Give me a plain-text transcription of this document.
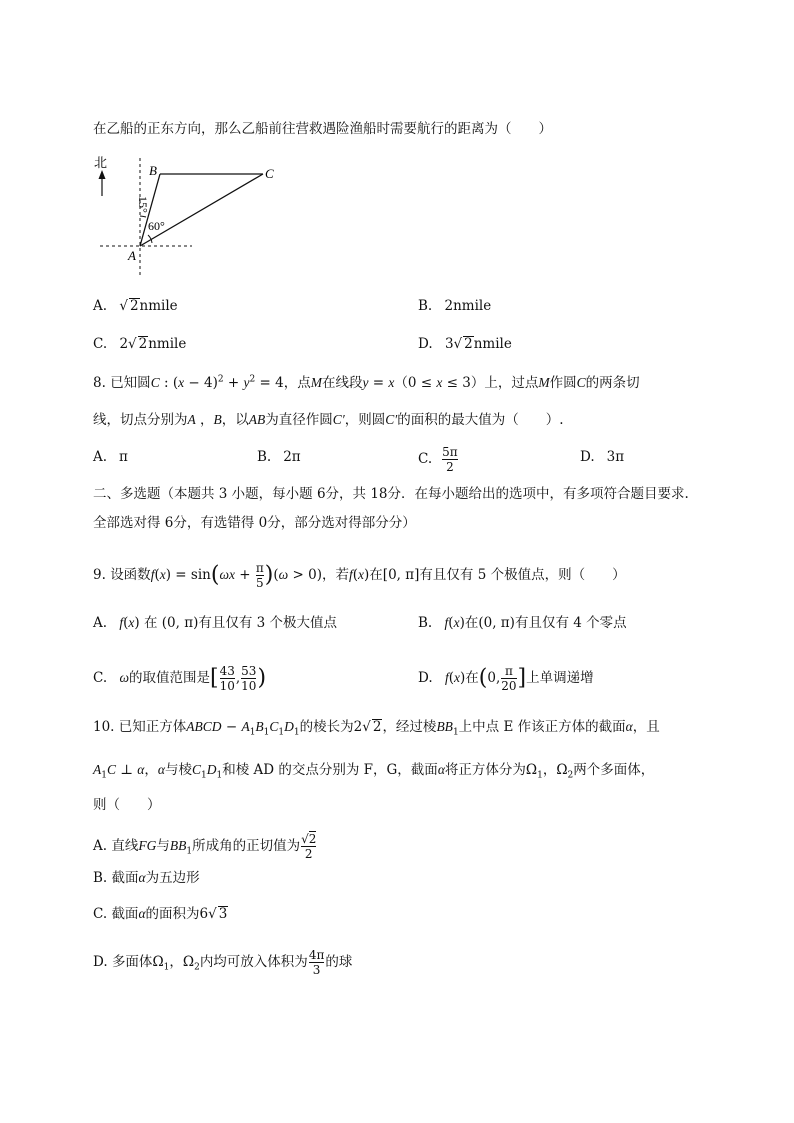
在乙船的正东方向，那么乙船前往营救遇险渔船时需要航行的距离为（　　）
北
15°
60°
A
B	C
A. √ 2nmile	B. 2nmile
C. 2√ 2nmile	D. 3√ 2nmile
8. 已知圆C : $(x - 4)^2 + y^2 = 4$，点M在线段y = x（0 ≤ x ≤ 3）上，过点M作圆C的两条切
线，切点分别为A ，B，以AB为直径作圆C′，则圆C′的面积的最大值为（　　）.
A. π	B. 2π	C. $\frac{5\pi}{2}$	D. 3π
二、多选题（本题共 3 小题，每小题 6分，共 18分．在每小题给出的选项中，有多项符合题目要求.
全部选对得 6分，有选错得 0分，部分选对得部分分）
9. 设函数$f(x) = \sin(\omega x + \frac{\pi}{5} )(\omega > 0)$，若f(x)在[0, π]有且仅有 5 个极值点，则（　　）
A. f(x) 在 (0, π)有且仅有 3 个极大值点	B. f(x)在(0, π)有且仅有 4 个零点
C. ω的取值范围是[ $\frac{43}{10}$ , $\frac{53}{10}$ )	D. f(x)在(0, $\frac{\pi}{20}$ ]上单调递增
10. 已知正方体ABCD − $A_1B_1C_1D_1$的棱长为2√ 2，经过棱$BB_1$上中点 E 作该正方体的截面α，且
$A_1C$ ⊥ α，α与棱$C_1D_1$和棱 AD 的交点分别为 F，G，截面α将正方体分为$\Omega_1$，$\Omega_2$两个多面体，
则（　　）
A. 直线FG与$BB_1$所成角的正切值为 $\frac{√2}{2}$
B. 截面α为五边形
C. 截面α的面积为6√ 3
D. 多面体$\Omega_1$，$\Omega_2$内均可放入体积为 $\frac{4\pi}{3}$ 的球
